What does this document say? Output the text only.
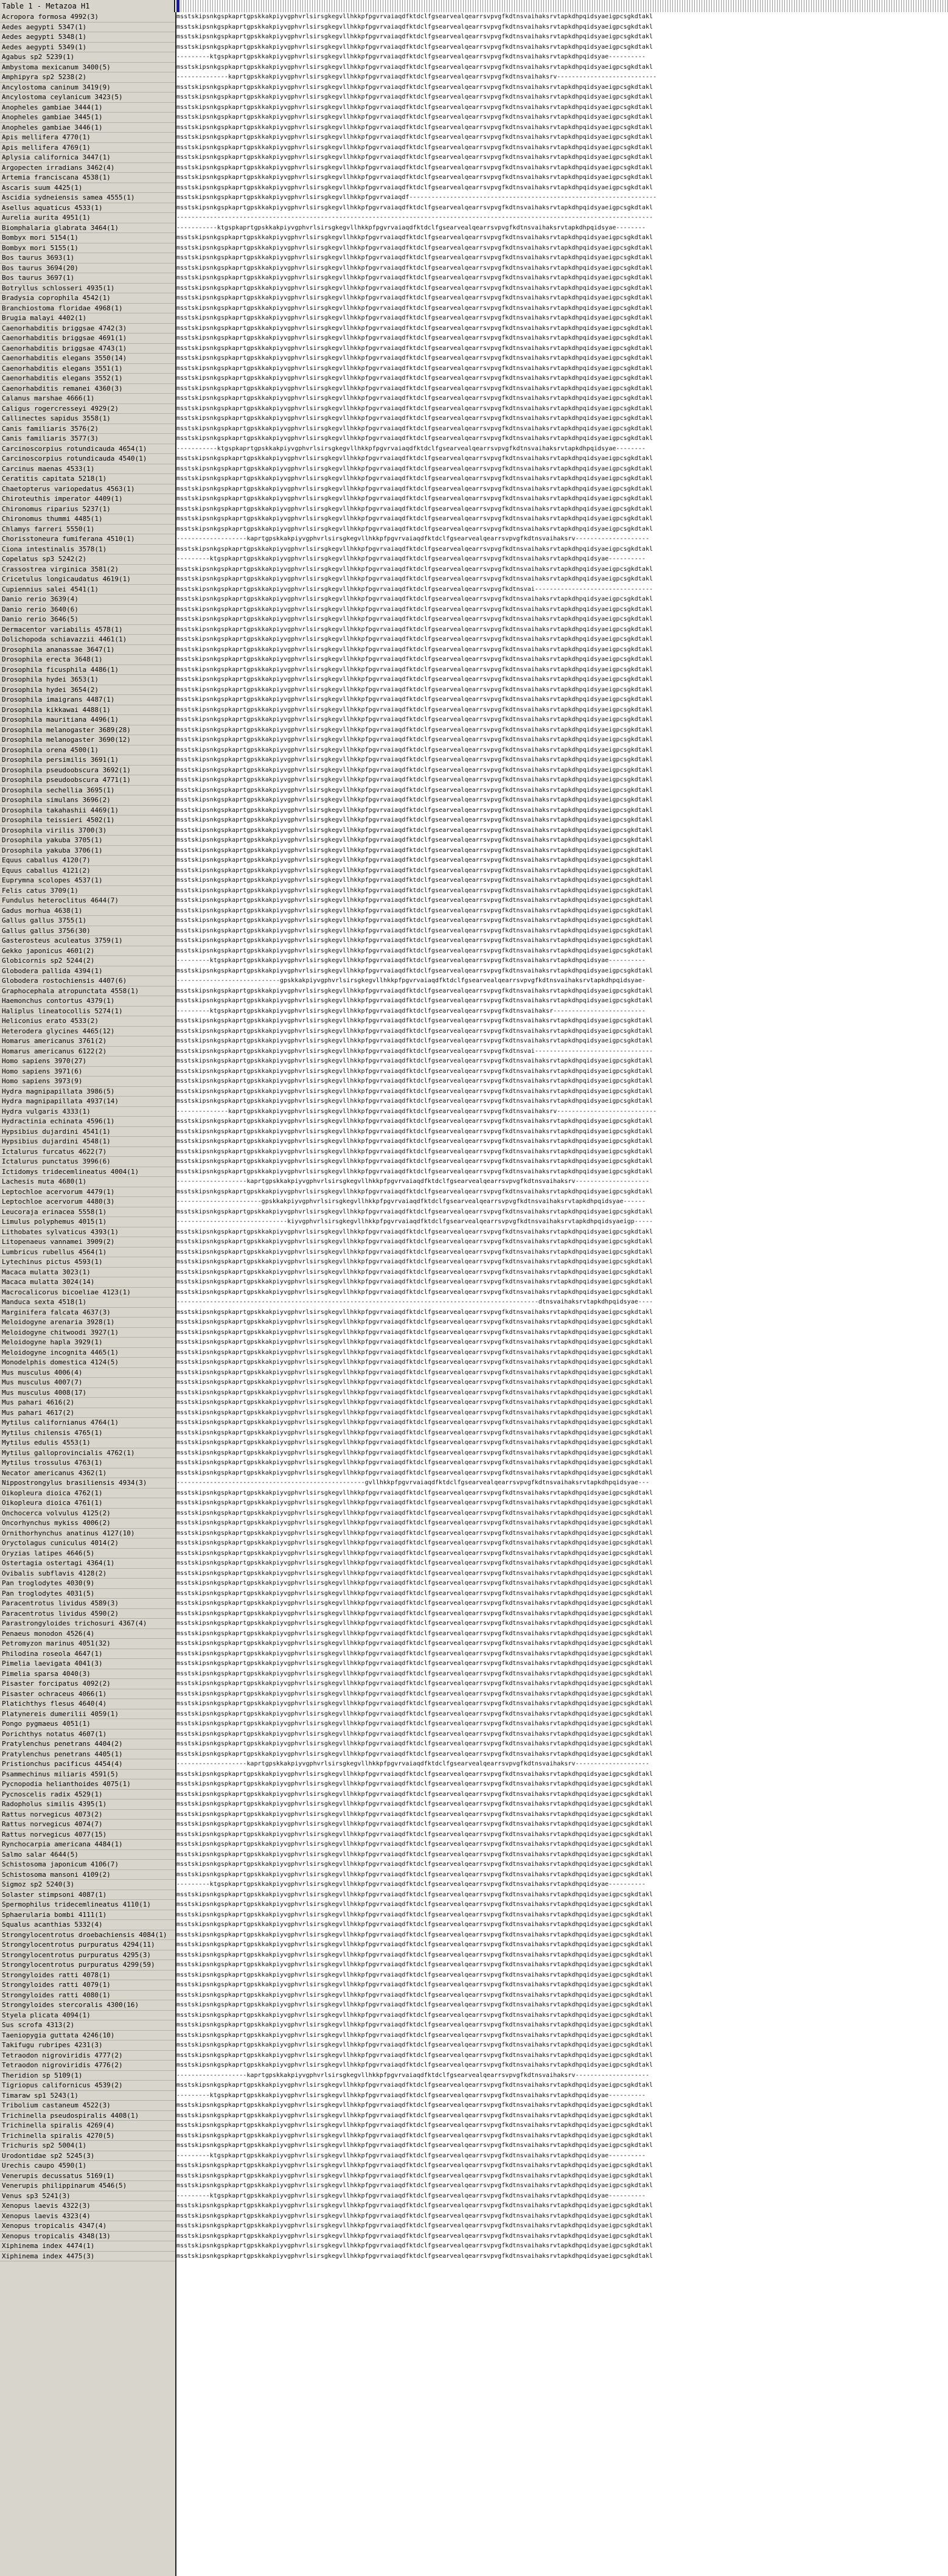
Table 1 - Metazoa H1
Acropora formosa 4992(3)
Aedes aegypti 5347(1)
Aedes aegypti 5348(1)
Aedes aegypti 5349(1)
Agabus sp2 5239(1)
Ambystoma mexicanum 3400(5)
Amphipyra sp2 5238(2)
Ancylostoma caninum 3419(9)
Ancylostoma ceylanicum 3423(5)
Anopheles gambiae 3444(1)
Anopheles gambiae 3445(1)
Anopheles gambiae 3446(1)
Apis mellifera 4770(1)
Apis mellifera 4769(1)
Aplysia californica 3447(1)
Argopecten irradians 3462(4)
Artemia franciscana 4538(1)
Ascaris suum 4425(1)
Ascidia sydneiensis samea 4555(1)
Asellus aquaticus 4533(1)
Aurelia aurita 4951(1)
Biomphalaria glabrata 3464(1)
Bombyx mori 5154(1)
Bombyx mori 5155(1)
Bos taurus 3693(1)
Bos taurus 3694(20)
Bos taurus 3697(1)
Botryllus schlosseri 4935(1)
Bradysia coprophila 4542(1)
Branchiostoma floridae 4968(1)
Brugia malayi 4402(1)
Caenorhabditis briggsae 4742(3)
Caenorhabditis briggsae 4691(1)
Caenorhabditis briggsae 4743(1)
Caenorhabditis elegans 3550(14)
Caenorhabditis elegans 3551(1)
Caenorhabditis elegans 3552(1)
Caenorhabditis remanei 4360(3)
Calanus marshae 4666(1)
Caligus rogercresseyi 4929(2)
Callinectes sapidus 3558(1)
Canis familiaris 3576(2)
Canis familiaris 3577(3)
Carcinoscorpius rotundicauda 4654(1)
Carcinoscorpius rotundicauda 4540(1)
Carcinus maenas 4533(1)
Ceratitis capitata 5218(1)
Chaetopterus variopedatus 4563(1)
Chiroteuthis imperator 4409(1)
Chironomus riparius 5237(1)
Chironomus thummi 4485(1)
Chlamys farreri 5550(1)
Chorisstoneura fumiferana 4510(1)
Ciona intestinalis 3578(1)
Copelatus sp3 5242(2)
Crassostrea virginica 3581(2)
Cricetulus longicaudatus 4619(1)
Cupiennius salei 4541(1)
Danio rerio 3639(4)
Danio rerio 3640(6)
Danio rerio 3646(5)
Dermacentor variabilis 4578(1)
Dolichopoda schiavazzii 4461(1)
Drosophila ananassae 3647(1)
Drosophila erecta 3648(1)
Drosophila ficusphila 4486(1)
Drosophila hydei 3653(1)
Drosophila hydei 3654(2)
Drosophila imaigrans 4487(1)
Drosophila kikkawai 4488(1)
Drosophila mauritiana 4496(1)
Drosophila melanogaster 3689(28)
Drosophila melanogaster 3690(12)
Drosophila orena 4500(1)
Drosophila persimilis 3691(1)
Drosophila pseudoobscura 3692(1)
Drosophila pseudoobscura 4771(1)
Drosophila sechellia 3695(1)
Drosophila simulans 3696(2)
Drosophila takahashii 4469(1)
Drosophila teissieri 4502(1)
Drosophila virilis 3700(3)
Drosophila yakuba 3705(1)
Drosophila yakuba 3706(1)
Equus caballus 4120(7)
Equus caballus 4121(2)
Euprymna scolopes 4537(1)
Felis catus 3709(1)
Fundulus heteroclitus 4644(7)
Gadus morhua 4638(1)
Gallus gallus 3755(1)
Gallus gallus 3756(30)
Gasterosteus aculeatus 3759(1)
Gekko japonicus 4601(2)
Globicornis sp2 5244(2)
Globodera pallida 4394(1)
Globodera rostochiensis 4407(6)
Graphocephala atropunctata 4558(1)
Haemonchus contortus 4379(1)
Haliplus lineatocollis 5274(1)
Heliconius erato 4533(2)
Heterodera glycines 4465(12)
Homarus americanus 3761(2)
Homarus americanus 6122(2)
Homo sapiens 3970(27)
Homo sapiens 3971(6)
Homo sapiens 3973(9)
Hydra magnipapillata 3986(5)
Hydra magnipapillata 4937(14)
Hydra vulgaris 4333(1)
Hydractinia echinata 4596(1)
Hypsibius dujardini 4541(1)
Hypsibius dujardini 4548(1)
Ictalurus furcatus 4622(7)
Ictalurus punctatus 3996(6)
Ictidomys tridecemlineatus 4004(1)
Lachesis muta 4680(1)
Leptochloe acervorum 4479(1)
Leptochloe acervorum 4480(3)
Leucoraja erinacea 5558(1)
Limulus polyphemus 4015(1)
Lithobates sylvaticus 4393(1)
Litopenaeus vannamei 3909(2)
Lumbricus rubellus 4564(1)
Lytechinus pictus 4593(1)
Macaca mulatta 3023(1)
Macaca mulatta 3024(14)
Macrocalicorus bicoeliae 4123(1)
Manduca sexta 4518(1)
Marginifera falcata 4637(3)
Meloidogyne arenaria 3928(1)
Meloidogyne chitwoodi 3927(1)
Meloidogyne hapla 3929(1)
Meloidogyne incognita 4465(1)
Monodelphis domestica 4124(5)
Mus musculus 4006(4)
Mus musculus 4007(7)
Mus musculus 4008(17)
Mus pahari 4616(2)
Mus pahari 4617(2)
Mytilus californianus 4764(1)
Mytilus chilensis 4765(1)
Mytilus edulis 4553(1)
Mytilus galloprovincialis 4762(1)
Mytilus trossulus 4763(1)
Necator americanus 4362(1)
Nippostrongylus brasiliensis 4934(3)
Oikopleura dioica 4762(1)
Oikopleura dioica 4761(1)
Onchocerca volvulus 4125(2)
Oncorhynchus mykiss 4006(2)
Ornithorhynchus anatinus 4127(10)
Oryctolagus cuniculus 4014(2)
Oryzias latipes 4646(5)
Ostertagia ostertagi 4364(1)
Ovibalis subflavis 4128(2)
Pan troglodytes 4030(9)
Pan troglodytes 4031(5)
Paracentrotus lividus 4589(3)
Paracentrotus lividus 4590(2)
Parastrongyloides trichosuri 4367(4)
Penaeus monodon 4526(4)
Petromyzon marinus 4051(32)
Philodina roseola 4647(1)
Pimelia laevigata 4041(3)
Pimelia sparsa 4040(3)
Pisaster forcipatus 4092(2)
Pisaster ochraceus 4066(1)
Platichthys flesus 4640(4)
Platynereis dumerilii 4059(1)
Pongo pygmaeus 4051(1)
Porichthys notatus 4607(1)
Pratylenchus penetrans 4404(2)
Pratylenchus penetrans 4405(1)
Pristionchus pacificus 4454(4)
Psammechinus miliaris 4591(5)
Pycnopodia helianthoides 4075(1)
Pycnoscelis radix 4529(1)
Radopholus similis 4395(1)
Rattus norvegicus 4073(2)
Rattus norvegicus 4074(7)
Rattus norvegicus 4077(15)
Rynchocarpia americana 4484(1)
Salmo salar 4644(5)
Schistosoma japonicum 4106(7)
Schistosoma mansoni 4109(2)
Sigmoz sp2 5240(3)
Solaster stimpsoni 4087(1)
Spermophilus tridecemlineatus 4110(1)
Sphaerularia bombi 4111(1)
Squalus acanthias 5332(4)
Strongylocentrotus droebachiensis 4084(1)
Strongylocentrotus purpuratus 4294(11)
Strongylocentrotus purpuratus 4295(3)
Strongylocentrotus purpuratus 4299(59)
Strongyloides ratti 4078(1)
Strongyloides ratti 4079(1)
Strongyloides ratti 4080(1)
Strongyloides stercoralis 4300(16)
Styela plicata 4094(1)
Sus scrofa 4313(2)
Taeniopygia guttata 4246(10)
Takifugu rubripes 4231(3)
Tetraodon nigroviridis 4777(2)
Tetraodon nigroviridis 4776(2)
Theridion sp 5109(1)
Tigriopus californicus 4539(2)
Timaraw sp1 5243(1)
Tribolium castaneum 4522(3)
Trichinella pseudospiralis 4408(1)
Trichinella spiralis 4269(4)
Trichinella spiralis 4270(5)
Trichuris sp2 5004(1)
Urodontidae sp2 5245(3)
Urechis caupo 4590(1)
Venerupis decussatus 5169(1)
Venerupis philippinarum 4546(5)
Venus sp3 5241(3)
Xenopus laevis 4322(3)
Xenopus laevis 4323(4)
Xenopus tropicalis 4347(4)
Xenopus tropicalis 4348(13)
Xiphinema index 4474(1)
Xiphinema index 4475(3)
msstskipsnkgspkaprtgpskkakpiyvgphvrlsirsgkegvllhkkpfpgvrvaiaqdfktdclfgsearvealqearrsvpvgfkdtnsvaihaksrvtapkdhpqidsyaeigpcsgkdtakl
msstskipsnkgspkaprtgpskkakpiyvgphvrlsirsgkegvllhkkpfpgvrvaiaqdfktdclfgsearvealqearrsvpvgfkdtnsvaihaksrvtapkdhpqidsyaeigpcsgkdtakl
msstskipsnkgspkaprtgpskkakpiyvgphvrlsirsgkegvllhkkpfpgvrvaiaqdfktdclfgsearvealqearrsvpvgfkdtnsvaihaksrvtapkdhpqidsyaeigpcsgkdtakl
msstskipsnkgspkaprtgpskkakpiyvgphvrlsirsgkegvllhkkpfpgvrvaiaqdfktdclfgsearvealqearrsvpvgfkdtnsvaihaksrvtapkdhpqidsyaeigpcsgkdtakl
---------ktgspkaprtgpskkakpiyvgphvrlsirsgkegvllhkkpfpgvrvaiaqdfktdclfgsearvealqearrsvpvgfkdtnsvaihaksrvtapkdhpqidsyae----------
msstskipsnkgspkaprtgpskkakpiyvgphvrlsirsgkegvllhkkpfpgvrvaiaqdfktdclfgsearvealqearrsvpvgfkdtnsvaihaksrvtapkdhpqidsyaeigpcsgkdtakl
--------------kaprtgpskkakpiyvgphvrlsirsgkegvllhkkpfpgvrvaiaqdfktdclfgsearvealqearrsvpvgfkdtnsvaihaksrv---------------------------
msstskipsnkgspkaprtgpskkakpiyvgphvrlsirsgkegvllhkkpfpgvrvaiaqdfktdclfgsearvealqearrsvpvgfkdtnsvaihaksrvtapkdhpqidsyaeigpcsgkdtakl
msstskipsnkgspkaprtgpskkakpiyvgphvrlsirsgkegvllhkkpfpgvrvaiaqdfktdclfgsearvealqearrsvpvgfkdtnsvaihaksrvtapkdhpqidsyaeigpcsgkdtakl
msstskipsnkgspkaprtgpskkakpiyvgphvrlsirsgkegvllhkkpfpgvrvaiaqdfktdclfgsearvealqearrsvpvgfkdtnsvaihaksrvtapkdhpqidsyaeigpcsgkdtakl
msstskipsnkgspkaprtgpskkakpiyvgphvrlsirsgkegvllhkkpfpgvrvaiaqdfktdclfgsearvealqearrsvpvgfkdtnsvaihaksrvtapkdhpqidsyaeigpcsgkdtakl
msstskipsnkgspkaprtgpskkakpiyvgphvrlsirsgkegvllhkkpfpgvrvaiaqdfktdclfgsearvealqearrsvpvgfkdtnsvaihaksrvtapkdhpqidsyaeigpcsgkdtakl
msstskipsnkgspkaprtgpskkakpiyvgphvrlsirsgkegvllhkkpfpgvrvaiaqdfktdclfgsearvealqearrsvpvgfkdtnsvaihaksrvtapkdhpqidsyaeigpcsgkdtakl
msstskipsnkgspkaprtgpskkakpiyvgphvrlsirsgkegvllhkkpfpgvrvaiaqdfktdclfgsearvealqearrsvpvgfkdtnsvaihaksrvtapkdhpqidsyaeigpcsgkdtakl
msstskipsnkgspkaprtgpskkakpiyvgphvrlsirsgkegvllhkkpfpgvrvaiaqdfktdclfgsearvealqearrsvpvgfkdtnsvaihaksrvtapkdhpqidsyaeigpcsgkdtakl
msstskipsnkgspkaprtgpskkakpiyvgphvrlsirsgkegvllhkkpfpgvrvaiaqdfktdclfgsearvealqearrsvpvgfkdtnsvaihaksrvtapkdhpqidsyaeigpcsgkdtakl
msstskipsnkgspkaprtgpskkakpiyvgphvrlsirsgkegvllhkkpfpgvrvaiaqdfktdclfgsearvealqearrsvpvgfkdtnsvaihaksrvtapkdhpqidsyaeigpcsgkdtakl
msstskipsnkgspkaprtgpskkakpiyvgphvrlsirsgkegvllhkkpfpgvrvaiaqdfktdclfgsearvealqearrsvpvgfkdtnsvaihaksrvtapkdhpqidsyaeigpcsgkdtakl
msstskipsnkgspkaprtgpskkakpiyvgphvrlsirsgkegvllhkkpfpgvrvaiaqdf-------------------------------------------------------------------
msstskipsnkgspkaprtgpskkakpiyvgphvrlsirsgkegvllhkkpfpgvrvaiaqdfktdclfgsearvealqearrsvpvgfkdtnsvaihaksrvtapkdhpqidsyaeigpcsgkdtakl
---------------------------------------------------------------------------------------------------------------------------------
-----------ktgspkaprtgpskkakpiyvgphvrlsirsgkegvllhkkpfpgvrvaiaqdfktdclfgsearvealqearrsvpvgfkdtnsvaihaksrvtapkdhpqidsyae--------
msstskipsnkgspkaprtgpskkakpiyvgphvrlsirsgkegvllhkkpfpgvrvaiaqdfktdclfgsearvealqearrsvpvgfkdtnsvaihaksrvtapkdhpqidsyaeigpcsgkdtakl
msstskipsnkgspkaprtgpskkakpiyvgphvrlsirsgkegvllhkkpfpgvrvaiaqdfktdclfgsearvealqearrsvpvgfkdtnsvaihaksrvtapkdhpqidsyaeigpcsgkdtakl
msstskipsnkgspkaprtgpskkakpiyvgphvrlsirsgkegvllhkkpfpgvrvaiaqdfktdclfgsearvealqearrsvpvgfkdtnsvaihaksrvtapkdhpqidsyaeigpcsgkdtakl
msstskipsnkgspkaprtgpskkakpiyvgphvrlsirsgkegvllhkkpfpgvrvaiaqdfktdclfgsearvealqearrsvpvgfkdtnsvaihaksrvtapkdhpqidsyaeigpcsgkdtakl
msstskipsnkgspkaprtgpskkakpiyvgphvrlsirsgkegvllhkkpfpgvrvaiaqdfktdclfgsearvealqearrsvpvgfkdtnsvaihaksrvtapkdhpqidsyaeigpcsgkdtakl
msstskipsnkgspkaprtgpskkakpiyvgphvrlsirsgkegvllhkkpfpgvrvaiaqdfktdclfgsearvealqearrsvpvgfkdtnsvaihaksrvtapkdhpqidsyaeigpcsgkdtakl
msstskipsnkgspkaprtgpskkakpiyvgphvrlsirsgkegvllhkkpfpgvrvaiaqdfktdclfgsearvealqearrsvpvgfkdtnsvaihaksrvtapkdhpqidsyaeigpcsgkdtakl
msstskipsnkgspkaprtgpskkakpiyvgphvrlsirsgkegvllhkkpfpgvrvaiaqdfktdclfgsearvealqearrsvpvgfkdtnsvaihaksrvtapkdhpqidsyaeigpcsgkdtakl
msstskipsnkgspkaprtgpskkakpiyvgphvrlsirsgkegvllhkkpfpgvrvaiaqdfktdclfgsearvealqearrsvpvgfkdtnsvaihaksrvtapkdhpqidsyaeigpcsgkdtakl
msstskipsnkgspkaprtgpskkakpiyvgphvrlsirsgkegvllhkkpfpgvrvaiaqdfktdclfgsearvealqearrsvpvgfkdtnsvaihaksrvtapkdhpqidsyaeigpcsgkdtakl
msstskipsnkgspkaprtgpskkakpiyvgphvrlsirsgkegvllhkkpfpgvrvaiaqdfktdclfgsearvealqearrsvpvgfkdtnsvaihaksrvtapkdhpqidsyaeigpcsgkdtakl
msstskipsnkgspkaprtgpskkakpiyvgphvrlsirsgkegvllhkkpfpgvrvaiaqdfktdclfgsearvealqearrsvpvgfkdtnsvaihaksrvtapkdhpqidsyaeigpcsgkdtakl
msstskipsnkgspkaprtgpskkakpiyvgphvrlsirsgkegvllhkkpfpgvrvaiaqdfktdclfgsearvealqearrsvpvgfkdtnsvaihaksrvtapkdhpqidsyaeigpcsgkdtakl
msstskipsnkgspkaprtgpskkakpiyvgphvrlsirsgkegvllhkkpfpgvrvaiaqdfktdclfgsearvealqearrsvpvgfkdtnsvaihaksrvtapkdhpqidsyaeigpcsgkdtakl
msstskipsnkgspkaprtgpskkakpiyvgphvrlsirsgkegvllhkkpfpgvrvaiaqdfktdclfgsearvealqearrsvpvgfkdtnsvaihaksrvtapkdhpqidsyaeigpcsgkdtakl
msstskipsnkgspkaprtgpskkakpiyvgphvrlsirsgkegvllhkkpfpgvrvaiaqdfktdclfgsearvealqearrsvpvgfkdtnsvaihaksrvtapkdhpqidsyaeigpcsgkdtakl
msstskipsnkgspkaprtgpskkakpiyvgphvrlsirsgkegvllhkkpfpgvrvaiaqdfktdclfgsearvealqearrsvpvgfkdtnsvaihaksrvtapkdhpqidsyaeigpcsgkdtakl
msstskipsnkgspkaprtgpskkakpiyvgphvrlsirsgkegvllhkkpfpgvrvaiaqdfktdclfgsearvealqearrsvpvgfkdtnsvaihaksrvtapkdhpqidsyaeigpcsgkdtakl
msstskipsnkgspkaprtgpskkakpiyvgphvrlsirsgkegvllhkkpfpgvrvaiaqdfktdclfgsearvealqearrsvpvgfkdtnsvaihaksrvtapkdhpqidsyaeigpcsgkdtakl
msstskipsnkgspkaprtgpskkakpiyvgphvrlsirsgkegvllhkkpfpgvrvaiaqdfktdclfgsearvealqearrsvpvgfkdtnsvaihaksrvtapkdhpqidsyaeigpcsgkdtakl
msstskipsnkgspkaprtgpskkakpiyvgphvrlsirsgkegvllhkkpfpgvrvaiaqdfktdclfgsearvealqearrsvpvgfkdtnsvaihaksrvtapkdhpqidsyaeigpcsgkdtakl
-----------ktgspkaprtgpskkakpiyvgphvrlsirsgkegvllhkkpfpgvrvaiaqdfktdclfgsearvealqearrsvpvgfkdtnsvaihaksrvtapkdhpqidsyae--------
msstskipsnkgspkaprtgpskkakpiyvgphvrlsirsgkegvllhkkpfpgvrvaiaqdfktdclfgsearvealqearrsvpvgfkdtnsvaihaksrvtapkdhpqidsyaeigpcsgkdtakl
msstskipsnkgspkaprtgpskkakpiyvgphvrlsirsgkegvllhkkpfpgvrvaiaqdfktdclfgsearvealqearrsvpvgfkdtnsvaihaksrvtapkdhpqidsyaeigpcsgkdtakl
msstskipsnkgspkaprtgpskkakpiyvgphvrlsirsgkegvllhkkpfpgvrvaiaqdfktdclfgsearvealqearrsvpvgfkdtnsvaihaksrvtapkdhpqidsyaeigpcsgkdtakl
msstskipsnkgspkaprtgpskkakpiyvgphvrlsirsgkegvllhkkpfpgvrvaiaqdfktdclfgsearvealqearrsvpvgfkdtnsvaihaksrvtapkdhpqidsyaeigpcsgkdtakl
msstskipsnkgspkaprtgpskkakpiyvgphvrlsirsgkegvllhkkpfpgvrvaiaqdfktdclfgsearvealqearrsvpvgfkdtnsvaihaksrvtapkdhpqidsyaeigpcsgkdtakl
msstskipsnkgspkaprtgpskkakpiyvgphvrlsirsgkegvllhkkpfpgvrvaiaqdfktdclfgsearvealqearrsvpvgfkdtnsvaihaksrvtapkdhpqidsyaeigpcsgkdtakl
msstskipsnkgspkaprtgpskkakpiyvgphvrlsirsgkegvllhkkpfpgvrvaiaqdfktdclfgsearvealqearrsvpvgfkdtnsvaihaksrvtapkdhpqidsyaeigpcsgkdtakl
msstskipsnkgspkaprtgpskkakpiyvgphvrlsirsgkegvllhkkpfpgvrvaiaqdfktdclfgsearvealqearrsvpvgfkdtnsvaihaksrvtapkdhpqidsyaeigpcsgkdtakl
-------------------kaprtgpskkakpiyvgphvrlsirsgkegvllhkkpfpgvrvaiaqdfktdclfgsearvealqearrsvpvgfkdtnsvaihaksrv--------------------
msstskipsnkgspkaprtgpskkakpiyvgphvrlsirsgkegvllhkkpfpgvrvaiaqdfktdclfgsearvealqearrsvpvgfkdtnsvaihaksrvtapkdhpqidsyaeigpcsgkdtakl
---------ktgspkaprtgpskkakpiyvgphvrlsirsgkegvllhkkpfpgvrvaiaqdfktdclfgsearvealqearrsvpvgfkdtnsvaihaksrvtapkdhpqidsyae----------
msstskipsnkgspkaprtgpskkakpiyvgphvrlsirsgkegvllhkkpfpgvrvaiaqdfktdclfgsearvealqearrsvpvgfkdtnsvaihaksrvtapkdhpqidsyaeigpcsgkdtakl
msstskipsnkgspkaprtgpskkakpiyvgphvrlsirsgkegvllhkkpfpgvrvaiaqdfktdclfgsearvealqearrsvpvgfkdtnsvaihaksrvtapkdhpqidsyaeigpcsgkdtakl
msstskipsnkgspkaprtgpskkakpiyvgphvrlsirsgkegvllhkkpfpgvrvaiaqdfktdclfgsearvealqearrsvpvgfkdtnsvai--------------------------------
msstskipsnkgspkaprtgpskkakpiyvgphvrlsirsgkegvllhkkpfpgvrvaiaqdfktdclfgsearvealqearrsvpvgfkdtnsvaihaksrvtapkdhpqidsyaeigpcsgkdtakl
msstskipsnkgspkaprtgpskkakpiyvgphvrlsirsgkegvllhkkpfpgvrvaiaqdfktdclfgsearvealqearrsvpvgfkdtnsvaihaksrvtapkdhpqidsyaeigpcsgkdtakl
msstskipsnkgspkaprtgpskkakpiyvgphvrlsirsgkegvllhkkpfpgvrvaiaqdfktdclfgsearvealqearrsvpvgfkdtnsvaihaksrvtapkdhpqidsyaeigpcsgkdtakl
msstskipsnkgspkaprtgpskkakpiyvgphvrlsirsgkegvllhkkpfpgvrvaiaqdfktdclfgsearvealqearrsvpvgfkdtnsvaihaksrvtapkdhpqidsyaeigpcsgkdtakl
msstskipsnkgspkaprtgpskkakpiyvgphvrlsirsgkegvllhkkpfpgvrvaiaqdfktdclfgsearvealqearrsvpvgfkdtnsvaihaksrvtapkdhpqidsyaeigpcsgkdtakl
msstskipsnkgspkaprtgpskkakpiyvgphvrlsirsgkegvllhkkpfpgvrvaiaqdfktdclfgsearvealqearrsvpvgfkdtnsvaihaksrvtapkdhpqidsyaeigpcsgkdtakl
msstskipsnkgspkaprtgpskkakpiyvgphvrlsirsgkegvllhkkpfpgvrvaiaqdfktdclfgsearvealqearrsvpvgfkdtnsvaihaksrvtapkdhpqidsyaeigpcsgkdtakl
msstskipsnkgspkaprtgpskkakpiyvgphvrlsirsgkegvllhkkpfpgvrvaiaqdfktdclfgsearvealqearrsvpvgfkdtnsvaihaksrvtapkdhpqidsyaeigpcsgkdtakl
msstskipsnkgspkaprtgpskkakpiyvgphvrlsirsgkegvllhkkpfpgvrvaiaqdfktdclfgsearvealqearrsvpvgfkdtnsvaihaksrvtapkdhpqidsyaeigpcsgkdtakl
msstskipsnkgspkaprtgpskkakpiyvgphvrlsirsgkegvllhkkpfpgvrvaiaqdfktdclfgsearvealqearrsvpvgfkdtnsvaihaksrvtapkdhpqidsyaeigpcsgkdtakl
msstskipsnkgspkaprtgpskkakpiyvgphvrlsirsgkegvllhkkpfpgvrvaiaqdfktdclfgsearvealqearrsvpvgfkdtnsvaihaksrvtapkdhpqidsyaeigpcsgkdtakl
msstskipsnkgspkaprtgpskkakpiyvgphvrlsirsgkegvllhkkpfpgvrvaiaqdfktdclfgsearvealqearrsvpvgfkdtnsvaihaksrvtapkdhpqidsyaeigpcsgkdtakl
msstskipsnkgspkaprtgpskkakpiyvgphvrlsirsgkegvllhkkpfpgvrvaiaqdfktdclfgsearvealqearrsvpvgfkdtnsvaihaksrvtapkdhpqidsyaeigpcsgkdtakl
msstskipsnkgspkaprtgpskkakpiyvgphvrlsirsgkegvllhkkpfpgvrvaiaqdfktdclfgsearvealqearrsvpvgfkdtnsvaihaksrvtapkdhpqidsyaeigpcsgkdtakl
msstskipsnkgspkaprtgpskkakpiyvgphvrlsirsgkegvllhkkpfpgvrvaiaqdfktdclfgsearvealqearrsvpvgfkdtnsvaihaksrvtapkdhpqidsyaeigpcsgkdtakl
msstskipsnkgspkaprtgpskkakpiyvgphvrlsirsgkegvllhkkpfpgvrvaiaqdfktdclfgsearvealqearrsvpvgfkdtnsvaihaksrvtapkdhpqidsyaeigpcsgkdtakl
msstskipsnkgspkaprtgpskkakpiyvgphvrlsirsgkegvllhkkpfpgvrvaiaqdfktdclfgsearvealqearrsvpvgfkdtnsvaihaksrvtapkdhpqidsyaeigpcsgkdtakl
msstskipsnkgspkaprtgpskkakpiyvgphvrlsirsgkegvllhkkpfpgvrvaiaqdfktdclfgsearvealqearrsvpvgfkdtnsvaihaksrvtapkdhpqidsyaeigpcsgkdtakl
msstskipsnkgspkaprtgpskkakpiyvgphvrlsirsgkegvllhkkpfpgvrvaiaqdfktdclfgsearvealqearrsvpvgfkdtnsvaihaksrvtapkdhpqidsyaeigpcsgkdtakl
msstskipsnkgspkaprtgpskkakpiyvgphvrlsirsgkegvllhkkpfpgvrvaiaqdfktdclfgsearvealqearrsvpvgfkdtnsvaihaksrvtapkdhpqidsyaeigpcsgkdtakl
msstskipsnkgspkaprtgpskkakpiyvgphvrlsirsgkegvllhkkpfpgvrvaiaqdfktdclfgsearvealqearrsvpvgfkdtnsvaihaksrvtapkdhpqidsyaeigpcsgkdtakl
msstskipsnkgspkaprtgpskkakpiyvgphvrlsirsgkegvllhkkpfpgvrvaiaqdfktdclfgsearvealqearrsvpvgfkdtnsvaihaksrvtapkdhpqidsyaeigpcsgkdtakl
msstskipsnkgspkaprtgpskkakpiyvgphvrlsirsgkegvllhkkpfpgvrvaiaqdfktdclfgsearvealqearrsvpvgfkdtnsvaihaksrvtapkdhpqidsyaeigpcsgkdtakl
msstskipsnkgspkaprtgpskkakpiyvgphvrlsirsgkegvllhkkpfpgvrvaiaqdfktdclfgsearvealqearrsvpvgfkdtnsvaihaksrvtapkdhpqidsyaeigpcsgkdtakl
msstskipsnkgspkaprtgpskkakpiyvgphvrlsirsgkegvllhkkpfpgvrvaiaqdfktdclfgsearvealqearrsvpvgfkdtnsvaihaksrvtapkdhpqidsyaeigpcsgkdtakl
msstskipsnkgspkaprtgpskkakpiyvgphvrlsirsgkegvllhkkpfpgvrvaiaqdfktdclfgsearvealqearrsvpvgfkdtnsvaihaksrvtapkdhpqidsyaeigpcsgkdtakl
msstskipsnkgspkaprtgpskkakpiyvgphvrlsirsgkegvllhkkpfpgvrvaiaqdfktdclfgsearvealqearrsvpvgfkdtnsvaihaksrvtapkdhpqidsyaeigpcsgkdtakl
msstskipsnkgspkaprtgpskkakpiyvgphvrlsirsgkegvllhkkpfpgvrvaiaqdfktdclfgsearvealqearrsvpvgfkdtnsvaihaksrvtapkdhpqidsyaeigpcsgkdtakl
msstskipsnkgspkaprtgpskkakpiyvgphvrlsirsgkegvllhkkpfpgvrvaiaqdfktdclfgsearvealqearrsvpvgfkdtnsvaihaksrvtapkdhpqidsyaeigpcsgkdtakl
msstskipsnkgspkaprtgpskkakpiyvgphvrlsirsgkegvllhkkpfpgvrvaiaqdfktdclfgsearvealqearrsvpvgfkdtnsvaihaksrvtapkdhpqidsyaeigpcsgkdtakl
msstskipsnkgspkaprtgpskkakpiyvgphvrlsirsgkegvllhkkpfpgvrvaiaqdfktdclfgsearvealqearrsvpvgfkdtnsvaihaksrvtapkdhpqidsyaeigpcsgkdtakl
msstskipsnkgspkaprtgpskkakpiyvgphvrlsirsgkegvllhkkpfpgvrvaiaqdfktdclfgsearvealqearrsvpvgfkdtnsvaihaksrvtapkdhpqidsyaeigpcsgkdtakl
msstskipsnkgspkaprtgpskkakpiyvgphvrlsirsgkegvllhkkpfpgvrvaiaqdfktdclfgsearvealqearrsvpvgfkdtnsvaihaksrvtapkdhpqidsyaeigpcsgkdtakl
msstskipsnkgspkaprtgpskkakpiyvgphvrlsirsgkegvllhkkpfpgvrvaiaqdfktdclfgsearvealqearrsvpvgfkdtnsvaihaksrvtapkdhpqidsyaeigpcsgkdtakl
msstskipsnkgspkaprtgpskkakpiyvgphvrlsirsgkegvllhkkpfpgvrvaiaqdfktdclfgsearvealqearrsvpvgfkdtnsvaihaksrvtapkdhpqidsyaeigpcsgkdtakl
msstskipsnkgspkaprtgpskkakpiyvgphvrlsirsgkegvllhkkpfpgvrvaiaqdfktdclfgsearvealqearrsvpvgfkdtnsvaihaksrvtapkdhpqidsyaeigpcsgkdtakl
---------ktgspkaprtgpskkakpiyvgphvrlsirsgkegvllhkkpfpgvrvaiaqdfktdclfgsearvealqearrsvpvgfkdtnsvaihaksrvtapkdhpqidsyae----------
msstskipsnkgspkaprtgpskkakpiyvgphvrlsirsgkegvllhkkpfpgvrvaiaqdfktdclfgsearvealqearrsvpvgfkdtnsvaihaksrvtapkdhpqidsyaeigpcsgkdtakl
----------------------------gpskkakpiyvgphvrlsirsgkegvllhkkpfpgvrvaiaqdfktdclfgsearvealqearrsvpvgfkdtnsvaihaksrvtapkdhpqidsyae-
msstskipsnkgspkaprtgpskkakpiyvgphvrlsirsgkegvllhkkpfpgvrvaiaqdfktdclfgsearvealqearrsvpvgfkdtnsvaihaksrvtapkdhpqidsyaeigpcsgkdtakl
msstskipsnkgspkaprtgpskkakpiyvgphvrlsirsgkegvllhkkpfpgvrvaiaqdfktdclfgsearvealqearrsvpvgfkdtnsvaihaksrvtapkdhpqidsyaeigpcsgkdtakl
---------ktgspkaprtgpskkakpiyvgphvrlsirsgkegvllhkkpfpgvrvaiaqdfktdclfgsearvealqearrsvpvgfkdtnsvaihaksr-------------------------
msstskipsnkgspkaprtgpskkakpiyvgphvrlsirsgkegvllhkkpfpgvrvaiaqdfktdclfgsearvealqearrsvpvgfkdtnsvaihaksrvtapkdhpqidsyaeigpcsgkdtakl
msstskipsnkgspkaprtgpskkakpiyvgphvrlsirsgkegvllhkkpfpgvrvaiaqdfktdclfgsearvealqearrsvpvgfkdtnsvaihaksrvtapkdhpqidsyaeigpcsgkdtakl
msstskipsnkgspkaprtgpskkakpiyvgphvrlsirsgkegvllhkkpfpgvrvaiaqdfktdclfgsearvealqearrsvpvgfkdtnsvaihaksrvtapkdhpqidsyaeigpcsgkdtakl
msstskipsnkgspkaprtgpskkakpiyvgphvrlsirsgkegvllhkkpfpgvrvaiaqdfktdclfgsearvealqearrsvpvgfkdtnsvai--------------------------------
msstskipsnkgspkaprtgpskkakpiyvgphvrlsirsgkegvllhkkpfpgvrvaiaqdfktdclfgsearvealqearrsvpvgfkdtnsvaihaksrvtapkdhpqidsyaeigpcsgkdtakl
msstskipsnkgspkaprtgpskkakpiyvgphvrlsirsgkegvllhkkpfpgvrvaiaqdfktdclfgsearvealqearrsvpvgfkdtnsvaihaksrvtapkdhpqidsyaeigpcsgkdtakl
msstskipsnkgspkaprtgpskkakpiyvgphvrlsirsgkegvllhkkpfpgvrvaiaqdfktdclfgsearvealqearrsvpvgfkdtnsvaihaksrvtapkdhpqidsyaeigpcsgkdtakl
msstskipsnkgspkaprtgpskkakpiyvgphvrlsirsgkegvllhkkpfpgvrvaiaqdfktdclfgsearvealqearrsvpvgfkdtnsvaihaksrvtapkdhpqidsyaeigpcsgkdtakl
msstskipsnkgspkaprtgpskkakpiyvgphvrlsirsgkegvllhkkpfpgvrvaiaqdfktdclfgsearvealqearrsvpvgfkdtnsvaihaksrvtapkdhpqidsyaeigpcsgkdtakl
--------------kaprtgpskkakpiyvgphvrlsirsgkegvllhkkpfpgvrvaiaqdfktdclfgsearvealqearrsvpvgfkdtnsvaihaksrv---------------------------
msstskipsnkgspkaprtgpskkakpiyvgphvrlsirsgkegvllhkkpfpgvrvaiaqdfktdclfgsearvealqearrsvpvgfkdtnsvaihaksrvtapkdhpqidsyaeigpcsgkdtakl
msstskipsnkgspkaprtgpskkakpiyvgphvrlsirsgkegvllhkkpfpgvrvaiaqdfktdclfgsearvealqearrsvpvgfkdtnsvaihaksrvtapkdhpqidsyaeigpcsgkdtakl
msstskipsnkgspkaprtgpskkakpiyvgphvrlsirsgkegvllhkkpfpgvrvaiaqdfktdclfgsearvealqearrsvpvgfkdtnsvaihaksrvtapkdhpqidsyaeigpcsgkdtakl
msstskipsnkgspkaprtgpskkakpiyvgphvrlsirsgkegvllhkkpfpgvrvaiaqdfktdclfgsearvealqearrsvpvgfkdtnsvaihaksrvtapkdhpqidsyaeigpcsgkdtakl
msstskipsnkgspkaprtgpskkakpiyvgphvrlsirsgkegvllhkkpfpgvrvaiaqdfktdclfgsearvealqearrsvpvgfkdtnsvaihaksrvtapkdhpqidsyaeigpcsgkdtakl
msstskipsnkgspkaprtgpskkakpiyvgphvrlsirsgkegvllhkkpfpgvrvaiaqdfktdclfgsearvealqearrsvpvgfkdtnsvaihaksrvtapkdhpqidsyaeigpcsgkdtakl
-------------------kaprtgpskkakpiyvgphvrlsirsgkegvllhkkpfpgvrvaiaqdfktdclfgsearvealqearrsvpvgfkdtnsvaihaksrv--------------------
msstskipsnkgspkaprtgpskkakpiyvgphvrlsirsgkegvllhkkpfpgvrvaiaqdfktdclfgsearvealqearrsvpvgfkdtnsvaihaksrvtapkdhpqidsyaeigpcsgkdtakl
-----------------------gpskkakpiyvgphvrlsirsgkegvllhkkpfpgvrvaiaqdfktdclfgsearvealqearrsvpvgfkdtnsvaihaksrvtapkdhpqidsyae------
msstskipsnkgspkaprtgpskkakpiyvgphvrlsirsgkegvllhkkpfpgvrvaiaqdfktdclfgsearvealqearrsvpvgfkdtnsvaihaksrvtapkdhpqidsyaeigpcsgkdtakl
------------------------------kiyvgphvrlsirsgkegvllhkkpfpgvrvaiaqdfktdclfgsearvealqearrsvpvgfkdtnsvaihaksrvtapkdhpqidsyaeigp-----
msstskipsnkgspkaprtgpskkakpiyvgphvrlsirsgkegvllhkkpfpgvrvaiaqdfktdclfgsearvealqearrsvpvgfkdtnsvaihaksrvtapkdhpqidsyaeigpcsgkdtakl
msstskipsnkgspkaprtgpskkakpiyvgphvrlsirsgkegvllhkkpfpgvrvaiaqdfktdclfgsearvealqearrsvpvgfkdtnsvaihaksrvtapkdhpqidsyaeigpcsgkdtakl
msstskipsnkgspkaprtgpskkakpiyvgphvrlsirsgkegvllhkkpfpgvrvaiaqdfktdclfgsearvealqearrsvpvgfkdtnsvaihaksrvtapkdhpqidsyaeigpcsgkdtakl
msstskipsnkgspkaprtgpskkakpiyvgphvrlsirsgkegvllhkkpfpgvrvaiaqdfktdclfgsearvealqearrsvpvgfkdtnsvaihaksrvtapkdhpqidsyaeigpcsgkdtakl
msstskipsnkgspkaprtgpskkakpiyvgphvrlsirsgkegvllhkkpfpgvrvaiaqdfktdclfgsearvealqearrsvpvgfkdtnsvaihaksrvtapkdhpqidsyaeigpcsgkdtakl
msstskipsnkgspkaprtgpskkakpiyvgphvrlsirsgkegvllhkkpfpgvrvaiaqdfktdclfgsearvealqearrsvpvgfkdtnsvaihaksrvtapkdhpqidsyaeigpcsgkdtakl
msstskipsnkgspkaprtgpskkakpiyvgphvrlsirsgkegvllhkkpfpgvrvaiaqdfktdclfgsearvealqearrsvpvgfkdtnsvaihaksrvtapkdhpqidsyaeigpcsgkdtakl
--------------------------------------------------------------------------------------------------dtnsvaihaksrvtapkdhpqidsyae----
msstskipsnkgspkaprtgpskkakpiyvgphvrlsirsgkegvllhkkpfpgvrvaiaqdfktdclfgsearvealqearrsvpvgfkdtnsvaihaksrvtapkdhpqidsyaeigpcsgkdtakl
msstskipsnkgspkaprtgpskkakpiyvgphvrlsirsgkegvllhkkpfpgvrvaiaqdfktdclfgsearvealqearrsvpvgfkdtnsvaihaksrvtapkdhpqidsyaeigpcsgkdtakl
msstskipsnkgspkaprtgpskkakpiyvgphvrlsirsgkegvllhkkpfpgvrvaiaqdfktdclfgsearvealqearrsvpvgfkdtnsvaihaksrvtapkdhpqidsyaeigpcsgkdtakl
msstskipsnkgspkaprtgpskkakpiyvgphvrlsirsgkegvllhkkpfpgvrvaiaqdfktdclfgsearvealqearrsvpvgfkdtnsvaihaksrvtapkdhpqidsyaeigpcsgkdtakl
msstskipsnkgspkaprtgpskkakpiyvgphvrlsirsgkegvllhkkpfpgvrvaiaqdfktdclfgsearvealqearrsvpvgfkdtnsvaihaksrvtapkdhpqidsyaeigpcsgkdtakl
msstskipsnkgspkaprtgpskkakpiyvgphvrlsirsgkegvllhkkpfpgvrvaiaqdfktdclfgsearvealqearrsvpvgfkdtnsvaihaksrvtapkdhpqidsyaeigpcsgkdtakl
msstskipsnkgspkaprtgpskkakpiyvgphvrlsirsgkegvllhkkpfpgvrvaiaqdfktdclfgsearvealqearrsvpvgfkdtnsvaihaksrvtapkdhpqidsyaeigpcsgkdtakl
msstskipsnkgspkaprtgpskkakpiyvgphvrlsirsgkegvllhkkpfpgvrvaiaqdfktdclfgsearvealqearrsvpvgfkdtnsvaihaksrvtapkdhpqidsyaeigpcsgkdtakl
msstskipsnkgspkaprtgpskkakpiyvgphvrlsirsgkegvllhkkpfpgvrvaiaqdfktdclfgsearvealqearrsvpvgfkdtnsvaihaksrvtapkdhpqidsyaeigpcsgkdtakl
msstskipsnkgspkaprtgpskkakpiyvgphvrlsirsgkegvllhkkpfpgvrvaiaqdfktdclfgsearvealqearrsvpvgfkdtnsvaihaksrvtapkdhpqidsyaeigpcsgkdtakl
msstskipsnkgspkaprtgpskkakpiyvgphvrlsirsgkegvllhkkpfpgvrvaiaqdfktdclfgsearvealqearrsvpvgfkdtnsvaihaksrvtapkdhpqidsyaeigpcsgkdtakl
msstskipsnkgspkaprtgpskkakpiyvgphvrlsirsgkegvllhkkpfpgvrvaiaqdfktdclfgsearvealqearrsvpvgfkdtnsvaihaksrvtapkdhpqidsyaeigpcsgkdtakl
msstskipsnkgspkaprtgpskkakpiyvgphvrlsirsgkegvllhkkpfpgvrvaiaqdfktdclfgsearvealqearrsvpvgfkdtnsvaihaksrvtapkdhpqidsyaeigpcsgkdtakl
msstskipsnkgspkaprtgpskkakpiyvgphvrlsirsgkegvllhkkpfpgvrvaiaqdfktdclfgsearvealqearrsvpvgfkdtnsvaihaksrvtapkdhpqidsyaeigpcsgkdtakl
msstskipsnkgspkaprtgpskkakpiyvgphvrlsirsgkegvllhkkpfpgvrvaiaqdfktdclfgsearvealqearrsvpvgfkdtnsvaihaksrvtapkdhpqidsyaeigpcsgkdtakl
msstskipsnkgspkaprtgpskkakpiyvgphvrlsirsgkegvllhkkpfpgvrvaiaqdfktdclfgsearvealqearrsvpvgfkdtnsvaihaksrvtapkdhpqidsyaeigpcsgkdtakl
msstskipsnkgspkaprtgpskkakpiyvgphvrlsirsgkegvllhkkpfpgvrvaiaqdfktdclfgsearvealqearrsvpvgfkdtnsvaihaksrvtapkdhpqidsyaeigpcsgkdtakl
---------------------------------------------------gvllhkkpfpgvrvaiaqdfktdclfgsearvealqearrsvpvgfkdtnsvaihaksrvtapkdhpqidsyae---
msstskipsnkgspkaprtgpskkakpiyvgphvrlsirsgkegvllhkkpfpgvrvaiaqdfktdclfgsearvealqearrsvpvgfkdtnsvaihaksrvtapkdhpqidsyaeigpcsgkdtakl
msstskipsnkgspkaprtgpskkakpiyvgphvrlsirsgkegvllhkkpfpgvrvaiaqdfktdclfgsearvealqearrsvpvgfkdtnsvaihaksrvtapkdhpqidsyaeigpcsgkdtakl
msstskipsnkgspkaprtgpskkakpiyvgphvrlsirsgkegvllhkkpfpgvrvaiaqdfktdclfgsearvealqearrsvpvgfkdtnsvaihaksrvtapkdhpqidsyaeigpcsgkdtakl
msstskipsnkgspkaprtgpskkakpiyvgphvrlsirsgkegvllhkkpfpgvrvaiaqdfktdclfgsearvealqearrsvpvgfkdtnsvaihaksrvtapkdhpqidsyaeigpcsgkdtakl
msstskipsnkgspkaprtgpskkakpiyvgphvrlsirsgkegvllhkkpfpgvrvaiaqdfktdclfgsearvealqearrsvpvgfkdtnsvaihaksrvtapkdhpqidsyaeigpcsgkdtakl
msstskipsnkgspkaprtgpskkakpiyvgphvrlsirsgkegvllhkkpfpgvrvaiaqdfktdclfgsearvealqearrsvpvgfkdtnsvaihaksrvtapkdhpqidsyaeigpcsgkdtakl
msstskipsnkgspkaprtgpskkakpiyvgphvrlsirsgkegvllhkkpfpgvrvaiaqdfktdclfgsearvealqearrsvpvgfkdtnsvaihaksrvtapkdhpqidsyaeigpcsgkdtakl
msstskipsnkgspkaprtgpskkakpiyvgphvrlsirsgkegvllhkkpfpgvrvaiaqdfktdclfgsearvealqearrsvpvgfkdtnsvaihaksrvtapkdhpqidsyaeigpcsgkdtakl
msstskipsnkgspkaprtgpskkakpiyvgphvrlsirsgkegvllhkkpfpgvrvaiaqdfktdclfgsearvealqearrsvpvgfkdtnsvaihaksrvtapkdhpqidsyaeigpcsgkdtakl
msstskipsnkgspkaprtgpskkakpiyvgphvrlsirsgkegvllhkkpfpgvrvaiaqdfktdclfgsearvealqearrsvpvgfkdtnsvaihaksrvtapkdhpqidsyaeigpcsgkdtakl
msstskipsnkgspkaprtgpskkakpiyvgphvrlsirsgkegvllhkkpfpgvrvaiaqdfktdclfgsearvealqearrsvpvgfkdtnsvaihaksrvtapkdhpqidsyaeigpcsgkdtakl
msstskipsnkgspkaprtgpskkakpiyvgphvrlsirsgkegvllhkkpfpgvrvaiaqdfktdclfgsearvealqearrsvpvgfkdtnsvaihaksrvtapkdhpqidsyaeigpcsgkdtakl
msstskipsnkgspkaprtgpskkakpiyvgphvrlsirsgkegvllhkkpfpgvrvaiaqdfktdclfgsearvealqearrsvpvgfkdtnsvaihaksrvtapkdhpqidsyaeigpcsgkdtakl
msstskipsnkgspkaprtgpskkakpiyvgphvrlsirsgkegvllhkkpfpgvrvaiaqdfktdclfgsearvealqearrsvpvgfkdtnsvaihaksrvtapkdhpqidsyaeigpcsgkdtakl
msstskipsnkgspkaprtgpskkakpiyvgphvrlsirsgkegvllhkkpfpgvrvaiaqdfktdclfgsearvealqearrsvpvgfkdtnsvaihaksrvtapkdhpqidsyaeigpcsgkdtakl
msstskipsnkgspkaprtgpskkakpiyvgphvrlsirsgkegvllhkkpfpgvrvaiaqdfktdclfgsearvealqearrsvpvgfkdtnsvaihaksrvtapkdhpqidsyaeigpcsgkdtakl
msstskipsnkgspkaprtgpskkakpiyvgphvrlsirsgkegvllhkkpfpgvrvaiaqdfktdclfgsearvealqearrsvpvgfkdtnsvaihaksrvtapkdhpqidsyaeigpcsgkdtakl
msstskipsnkgspkaprtgpskkakpiyvgphvrlsirsgkegvllhkkpfpgvrvaiaqdfktdclfgsearvealqearrsvpvgfkdtnsvaihaksrvtapkdhpqidsyaeigpcsgkdtakl
msstskipsnkgspkaprtgpskkakpiyvgphvrlsirsgkegvllhkkpfpgvrvaiaqdfktdclfgsearvealqearrsvpvgfkdtnsvaihaksrvtapkdhpqidsyaeigpcsgkdtakl
msstskipsnkgspkaprtgpskkakpiyvgphvrlsirsgkegvllhkkpfpgvrvaiaqdfktdclfgsearvealqearrsvpvgfkdtnsvaihaksrvtapkdhpqidsyaeigpcsgkdtakl
msstskipsnkgspkaprtgpskkakpiyvgphvrlsirsgkegvllhkkpfpgvrvaiaqdfktdclfgsearvealqearrsvpvgfkdtnsvaihaksrvtapkdhpqidsyaeigpcsgkdtakl
msstskipsnkgspkaprtgpskkakpiyvgphvrlsirsgkegvllhkkpfpgvrvaiaqdfktdclfgsearvealqearrsvpvgfkdtnsvaihaksrvtapkdhpqidsyaeigpcsgkdtakl
msstskipsnkgspkaprtgpskkakpiyvgphvrlsirsgkegvllhkkpfpgvrvaiaqdfktdclfgsearvealqearrsvpvgfkdtnsvaihaksrvtapkdhpqidsyaeigpcsgkdtakl
msstskipsnkgspkaprtgpskkakpiyvgphvrlsirsgkegvllhkkpfpgvrvaiaqdfktdclfgsearvealqearrsvpvgfkdtnsvaihaksrvtapkdhpqidsyaeigpcsgkdtakl
msstskipsnkgspkaprtgpskkakpiyvgphvrlsirsgkegvllhkkpfpgvrvaiaqdfktdclfgsearvealqearrsvpvgfkdtnsvaihaksrvtapkdhpqidsyaeigpcsgkdtakl
msstskipsnkgspkaprtgpskkakpiyvgphvrlsirsgkegvllhkkpfpgvrvaiaqdfktdclfgsearvealqearrsvpvgfkdtnsvaihaksrvtapkdhpqidsyaeigpcsgkdtakl
msstskipsnkgspkaprtgpskkakpiyvgphvrlsirsgkegvllhkkpfpgvrvaiaqdfktdclfgsearvealqearrsvpvgfkdtnsvaihaksrvtapkdhpqidsyaeigpcsgkdtakl
-------------------kaprtgpskkakpiyvgphvrlsirsgkegvllhkkpfpgvrvaiaqdfktdclfgsearvealqearrsvpvgfkdtnsvaihaksrv--------------------
msstskipsnkgspkaprtgpskkakpiyvgphvrlsirsgkegvllhkkpfpgvrvaiaqdfktdclfgsearvealqearrsvpvgfkdtnsvaihaksrvtapkdhpqidsyaeigpcsgkdtakl
msstskipsnkgspkaprtgpskkakpiyvgphvrlsirsgkegvllhkkpfpgvrvaiaqdfktdclfgsearvealqearrsvpvgfkdtnsvaihaksrvtapkdhpqidsyaeigpcsgkdtakl
msstskipsnkgspkaprtgpskkakpiyvgphvrlsirsgkegvllhkkpfpgvrvaiaqdfktdclfgsearvealqearrsvpvgfkdtnsvaihaksrvtapkdhpqidsyaeigpcsgkdtakl
msstskipsnkgspkaprtgpskkakpiyvgphvrlsirsgkegvllhkkpfpgvrvaiaqdfktdclfgsearvealqearrsvpvgfkdtnsvaihaksrvtapkdhpqidsyaeigpcsgkdtakl
msstskipsnkgspkaprtgpskkakpiyvgphvrlsirsgkegvllhkkpfpgvrvaiaqdfktdclfgsearvealqearrsvpvgfkdtnsvaihaksrvtapkdhpqidsyaeigpcsgkdtakl
msstskipsnkgspkaprtgpskkakpiyvgphvrlsirsgkegvllhkkpfpgvrvaiaqdfktdclfgsearvealqearrsvpvgfkdtnsvaihaksrvtapkdhpqidsyaeigpcsgkdtakl
msstskipsnkgspkaprtgpskkakpiyvgphvrlsirsgkegvllhkkpfpgvrvaiaqdfktdclfgsearvealqearrsvpvgfkdtnsvaihaksrvtapkdhpqidsyaeigpcsgkdtakl
msstskipsnkgspkaprtgpskkakpiyvgphvrlsirsgkegvllhkkpfpgvrvaiaqdfktdclfgsearvealqearrsvpvgfkdtnsvaihaksrvtapkdhpqidsyaeigpcsgkdtakl
msstskipsnkgspkaprtgpskkakpiyvgphvrlsirsgkegvllhkkpfpgvrvaiaqdfktdclfgsearvealqearrsvpvgfkdtnsvaihaksrvtapkdhpqidsyaeigpcsgkdtakl
msstskipsnkgspkaprtgpskkakpiyvgphvrlsirsgkegvllhkkpfpgvrvaiaqdfktdclfgsearvealqearrsvpvgfkdtnsvaihaksrvtapkdhpqidsyaeigpcsgkdtakl
msstskipsnkgspkaprtgpskkakpiyvgphvrlsirsgkegvllhkkpfpgvrvaiaqdfktdclfgsearvealqearrsvpvgfkdtnsvaihaksrvtapkdhpqidsyaeigpcsgkdtakl
---------ktgspkaprtgpskkakpiyvgphvrlsirsgkegvllhkkpfpgvrvaiaqdfktdclfgsearvealqearrsvpvgfkdtnsvaihaksrvtapkdhpqidsyae----------
msstskipsnkgspkaprtgpskkakpiyvgphvrlsirsgkegvllhkkpfpgvrvaiaqdfktdclfgsearvealqearrsvpvgfkdtnsvaihaksrvtapkdhpqidsyaeigpcsgkdtakl
msstskipsnkgspkaprtgpskkakpiyvgphvrlsirsgkegvllhkkpfpgvrvaiaqdfktdclfgsearvealqearrsvpvgfkdtnsvaihaksrvtapkdhpqidsyaeigpcsgkdtakl
msstskipsnkgspkaprtgpskkakpiyvgphvrlsirsgkegvllhkkpfpgvrvaiaqdfktdclfgsearvealqearrsvpvgfkdtnsvaihaksrvtapkdhpqidsyaeigpcsgkdtakl
msstskipsnkgspkaprtgpskkakpiyvgphvrlsirsgkegvllhkkpfpgvrvaiaqdfktdclfgsearvealqearrsvpvgfkdtnsvaihaksrvtapkdhpqidsyaeigpcsgkdtakl
msstskipsnkgspkaprtgpskkakpiyvgphvrlsirsgkegvllhkkpfpgvrvaiaqdfktdclfgsearvealqearrsvpvgfkdtnsvaihaksrvtapkdhpqidsyaeigpcsgkdtakl
msstskipsnkgspkaprtgpskkakpiyvgphvrlsirsgkegvllhkkpfpgvrvaiaqdfktdclfgsearvealqearrsvpvgfkdtnsvaihaksrvtapkdhpqidsyaeigpcsgkdtakl
msstskipsnkgspkaprtgpskkakpiyvgphvrlsirsgkegvllhkkpfpgvrvaiaqdfktdclfgsearvealqearrsvpvgfkdtnsvaihaksrvtapkdhpqidsyaeigpcsgkdtakl
msstskipsnkgspkaprtgpskkakpiyvgphvrlsirsgkegvllhkkpfpgvrvaiaqdfktdclfgsearvealqearrsvpvgfkdtnsvaihaksrvtapkdhpqidsyaeigpcsgkdtakl
msstskipsnkgspkaprtgpskkakpiyvgphvrlsirsgkegvllhkkpfpgvrvaiaqdfktdclfgsearvealqearrsvpvgfkdtnsvaihaksrvtapkdhpqidsyaeigpcsgkdtakl
msstskipsnkgspkaprtgpskkakpiyvgphvrlsirsgkegvllhkkpfpgvrvaiaqdfktdclfgsearvealqearrsvpvgfkdtnsvaihaksrvtapkdhpqidsyaeigpcsgkdtakl
msstskipsnkgspkaprtgpskkakpiyvgphvrlsirsgkegvllhkkpfpgvrvaiaqdfktdclfgsearvealqearrsvpvgfkdtnsvaihaksrvtapkdhpqidsyaeigpcsgkdtakl
msstskipsnkgspkaprtgpskkakpiyvgphvrlsirsgkegvllhkkpfpgvrvaiaqdfktdclfgsearvealqearrsvpvgfkdtnsvaihaksrvtapkdhpqidsyaeigpcsgkdtakl
msstskipsnkgspkaprtgpskkakpiyvgphvrlsirsgkegvllhkkpfpgvrvaiaqdfktdclfgsearvealqearrsvpvgfkdtnsvaihaksrvtapkdhpqidsyaeigpcsgkdtakl
msstskipsnkgspkaprtgpskkakpiyvgphvrlsirsgkegvllhkkpfpgvrvaiaqdfktdclfgsearvealqearrsvpvgfkdtnsvaihaksrvtapkdhpqidsyaeigpcsgkdtakl
msstskipsnkgspkaprtgpskkakpiyvgphvrlsirsgkegvllhkkpfpgvrvaiaqdfktdclfgsearvealqearrsvpvgfkdtnsvaihaksrvtapkdhpqidsyaeigpcsgkdtakl
msstskipsnkgspkaprtgpskkakpiyvgphvrlsirsgkegvllhkkpfpgvrvaiaqdfktdclfgsearvealqearrsvpvgfkdtnsvaihaksrvtapkdhpqidsyaeigpcsgkdtakl
msstskipsnkgspkaprtgpskkakpiyvgphvrlsirsgkegvllhkkpfpgvrvaiaqdfktdclfgsearvealqearrsvpvgfkdtnsvaihaksrvtapkdhpqidsyaeigpcsgkdtakl
msstskipsnkgspkaprtgpskkakpiyvgphvrlsirsgkegvllhkkpfpgvrvaiaqdfktdclfgsearvealqearrsvpvgfkdtnsvaihaksrvtapkdhpqidsyaeigpcsgkdtakl
-------------------kaprtgpskkakpiyvgphvrlsirsgkegvllhkkpfpgvrvaiaqdfktdclfgsearvealqearrsvpvgfkdtnsvaihaksrv--------------------
msstskipsnkgspkaprtgpskkakpiyvgphvrlsirsgkegvllhkkpfpgvrvaiaqdfktdclfgsearvealqearrsvpvgfkdtnsvaihaksrvtapkdhpqidsyaeigpcsgkdtakl
---------ktgspkaprtgpskkakpiyvgphvrlsirsgkegvllhkkpfpgvrvaiaqdfktdclfgsearvealqearrsvpvgfkdtnsvaihaksrvtapkdhpqidsyae----------
msstskipsnkgspkaprtgpskkakpiyvgphvrlsirsgkegvllhkkpfpgvrvaiaqdfktdclfgsearvealqearrsvpvgfkdtnsvaihaksrvtapkdhpqidsyaeigpcsgkdtakl
msstskipsnkgspkaprtgpskkakpiyvgphvrlsirsgkegvllhkkpfpgvrvaiaqdfktdclfgsearvealqearrsvpvgfkdtnsvaihaksrvtapkdhpqidsyaeigpcsgkdtakl
msstskipsnkgspkaprtgpskkakpiyvgphvrlsirsgkegvllhkkpfpgvrvaiaqdfktdclfgsearvealqearrsvpvgfkdtnsvaihaksrvtapkdhpqidsyaeigpcsgkdtakl
msstskipsnkgspkaprtgpskkakpiyvgphvrlsirsgkegvllhkkpfpgvrvaiaqdfktdclfgsearvealqearrsvpvgfkdtnsvaihaksrvtapkdhpqidsyaeigpcsgkdtakl
msstskipsnkgspkaprtgpskkakpiyvgphvrlsirsgkegvllhkkpfpgvrvaiaqdfktdclfgsearvealqearrsvpvgfkdtnsvaihaksrvtapkdhpqidsyaeigpcsgkdtakl
---------ktgspkaprtgpskkakpiyvgphvrlsirsgkegvllhkkpfpgvrvaiaqdfktdclfgsearvealqearrsvpvgfkdtnsvaihaksrvtapkdhpqidsyae----------
msstskipsnkgspkaprtgpskkakpiyvgphvrlsirsgkegvllhkkpfpgvrvaiaqdfktdclfgsearvealqearrsvpvgfkdtnsvaihaksrvtapkdhpqidsyaeigpcsgkdtakl
msstskipsnkgspkaprtgpskkakpiyvgphvrlsirsgkegvllhkkpfpgvrvaiaqdfktdclfgsearvealqearrsvpvgfkdtnsvaihaksrvtapkdhpqidsyaeigpcsgkdtakl
msstskipsnkgspkaprtgpskkakpiyvgphvrlsirsgkegvllhkkpfpgvrvaiaqdfktdclfgsearvealqearrsvpvgfkdtnsvaihaksrvtapkdhpqidsyaeigpcsgkdtakl
---------ktgspkaprtgpskkakpiyvgphvrlsirsgkegvllhkkpfpgvrvaiaqdfktdclfgsearvealqearrsvpvgfkdtnsvaihaksrvtapkdhpqidsyae----------
msstskipsnkgspkaprtgpskkakpiyvgphvrlsirsgkegvllhkkpfpgvrvaiaqdfktdclfgsearvealqearrsvpvgfkdtnsvaihaksrvtapkdhpqidsyaeigpcsgkdtakl
msstskipsnkgspkaprtgpskkakpiyvgphvrlsirsgkegvllhkkpfpgvrvaiaqdfktdclfgsearvealqearrsvpvgfkdtnsvaihaksrvtapkdhpqidsyaeigpcsgkdtakl
msstskipsnkgspkaprtgpskkakpiyvgphvrlsirsgkegvllhkkpfpgvrvaiaqdfktdclfgsearvealqearrsvpvgfkdtnsvaihaksrvtapkdhpqidsyaeigpcsgkdtakl
msstskipsnkgspkaprtgpskkakpiyvgphvrlsirsgkegvllhkkpfpgvrvaiaqdfktdclfgsearvealqearrsvpvgfkdtnsvaihaksrvtapkdhpqidsyaeigpcsgkdtakl
msstskipsnkgspkaprtgpskkakpiyvgphvrlsirsgkegvllhkkpfpgvrvaiaqdfktdclfgsearvealqearrsvpvgfkdtnsvaihaksrvtapkdhpqidsyaeigpcsgkdtakl
msstskipsnkgspkaprtgpskkakpiyvgphvrlsirsgkegvllhkkpfpgvrvaiaqdfktdclfgsearvealqearrsvpvgfkdtnsvaihaksrvtapkdhpqidsyaeigpcsgkdtakl
